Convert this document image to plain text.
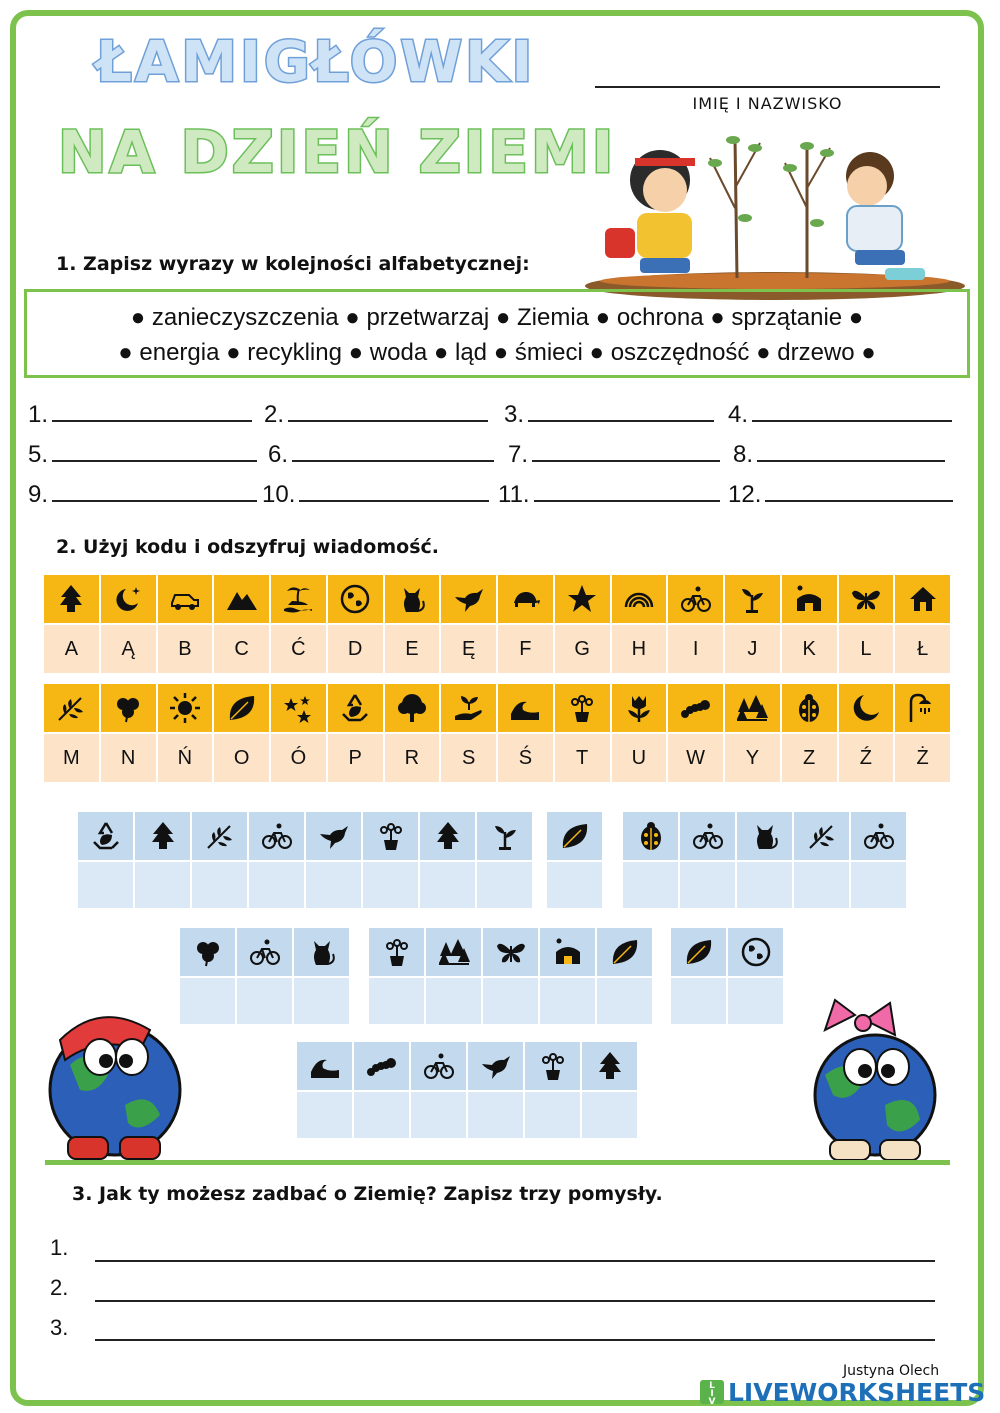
ŁAMIGŁÓWKI
NA DZIEŃ ZIEMI
IMIĘ I NAZWISKO
1. Zapisz wyrazy w kolejności alfabetycznej:
● zanieczyszczenia ● przetwarzaj ● Ziemia ● ochrona ● sprzątanie ●
● energia ● recykling ● woda ● ląd ● śmieci ● oszczędność ● drzewo ●
1.	2.	3.	4.
5.	6.	7.	8.
9.	10.	11.	12.
2. Użyj kodu i odszyfruj wiadomość.
A	Ą	B	C	Ć	D	E	Ę	F	G	H	I	J	K	L	Ł
M	N	Ń	O	Ó	P	R	S	Ś	T	U	W	Y	Z	Ź	Ż
3. Jak ty możesz zadbać o Ziemię? Zapisz trzy pomysły.
1.
2.
3.
Justyna Olech
L
I
V LIVEWORKSHEETS
